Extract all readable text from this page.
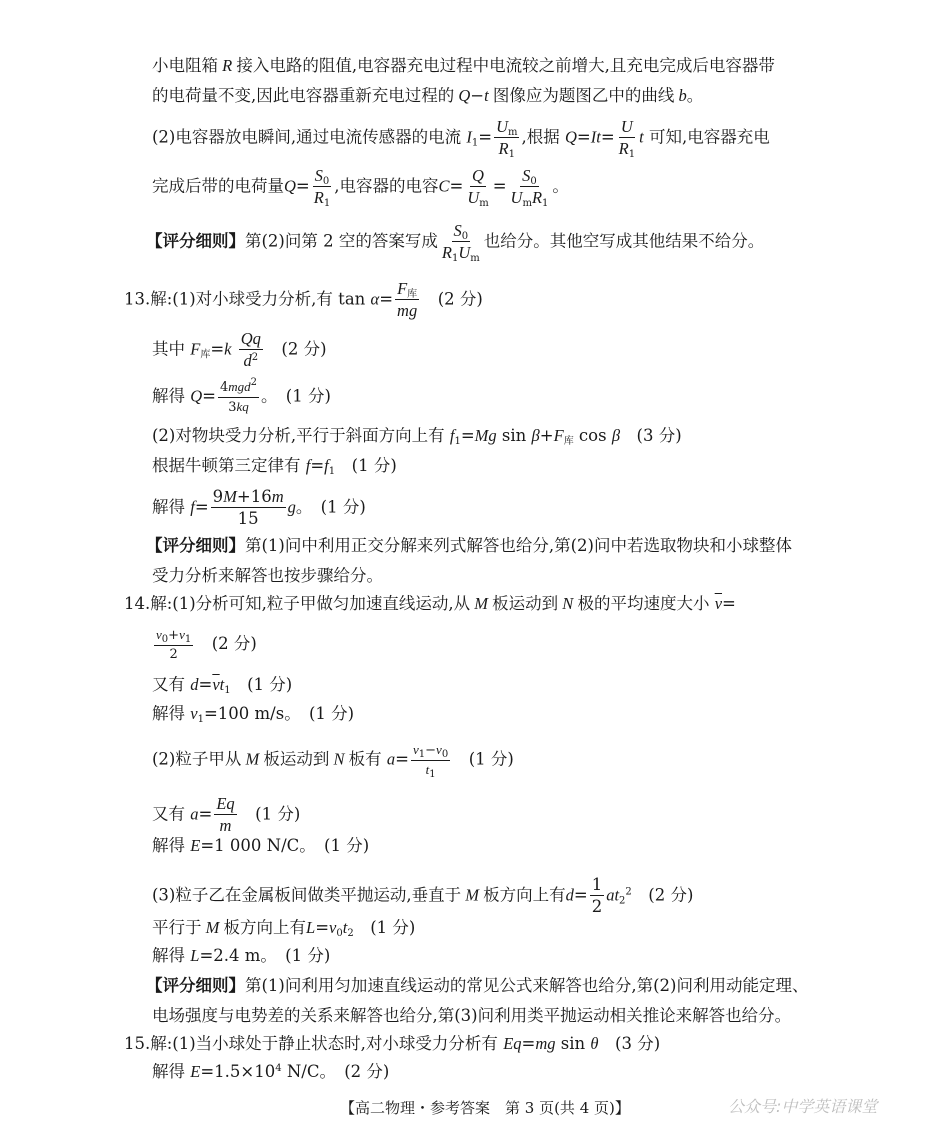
小电阻箱 R 接入电路的阻值,电容器充电过程中电流较之前增大,且充电完成后电容器带
的电荷量不变,因此电容器重新充电过程的 Q−t 图像应为题图乙中的曲线 b。
(2)电容器放电瞬间,通过电流传感器的电流 $I_1= \frac{U_m}{R_1}$ ,根据 $Q=It= \frac{U}{R_1}$ t 可知,电容器充电
完成后带的电荷量$Q= \frac{S_0}{R_1}$ ,电容器的电容$C= \frac{Q}{U_m} = \frac{S_0}{U_mR_1}$ 。
【评分细则】第(2)问第 2 空的答案写成 $\frac{S_0}{R_1U_m}$ 也给分。其他空写成其他结果不给分。
13.解:(1)对小球受力分析,有 $\tan \alpha= \frac{F_库}{mg}$
　 (2 分)
其中 $F_库=k \frac{Qq}{d^2}$
　 (2 分)
解得 $Q= \frac{4mgd^2}{3kq}$ 。　 (1 分)
(2)对物块受力分析,平行于斜面方向上有 $f_1=Mg$ $\sin \beta+F_库$ cos β　 (3 分)
根据牛顿第三定律有 $f=f_1$　 (1 分)
解得 $f= \frac{9M+16m}{15}$ g。　 (1 分)
【评分细则】第(1)问中利用正交分解来列式解答也给分,第(2)问中若选取物块和小球整体
受力分析来解答也按步骤给分。
14.解:(1)分析可知,粒子甲做匀加速直线运动,从 M 板运动到 N 极的平均速度大小 $\overline{v}=$
$\frac{v_0+v_1}{2}$
　 (2 分)
又有 $d=\overline{v}t_1$　 (1 分)
解得 $v_1=100$ m/s。　 (1 分)
(2)粒子甲从 M 板运动到 N 板有 $a= \frac{v_1-v_0}{t_1}$
　 (1 分)
又有 $a= \frac{Eq}{m}$
　 (1 分)
解得 E=1 000 N/C。　 (1 分)
(3)粒子乙在金属板间做类平抛运动,垂直于 M 板方向上有$d= \frac{1}{2} at_2^2$　 (2 分)
平行于 M 板方向上有$L=v_0t_2$　 (1 分)
解得 L=2.4 m。　 (1 分)
【评分细则】第(1)问利用匀加速直线运动的常见公式来解答也给分,第(2)问利用动能定理、
电场强度与电势差的关系来解答也给分,第(3)问利用类平抛运动相关推论来解答也给分。
15.解:(1)当小球处于静止状态时,对小球受力分析有 Eq=mg sin θ　 (3 分)
解得 $E=1.5\times 10^4$ N/C。　 (2 分)
【高二物理・参考答案　第 3 页(共 4 页)】	公众号:中学英语课堂
